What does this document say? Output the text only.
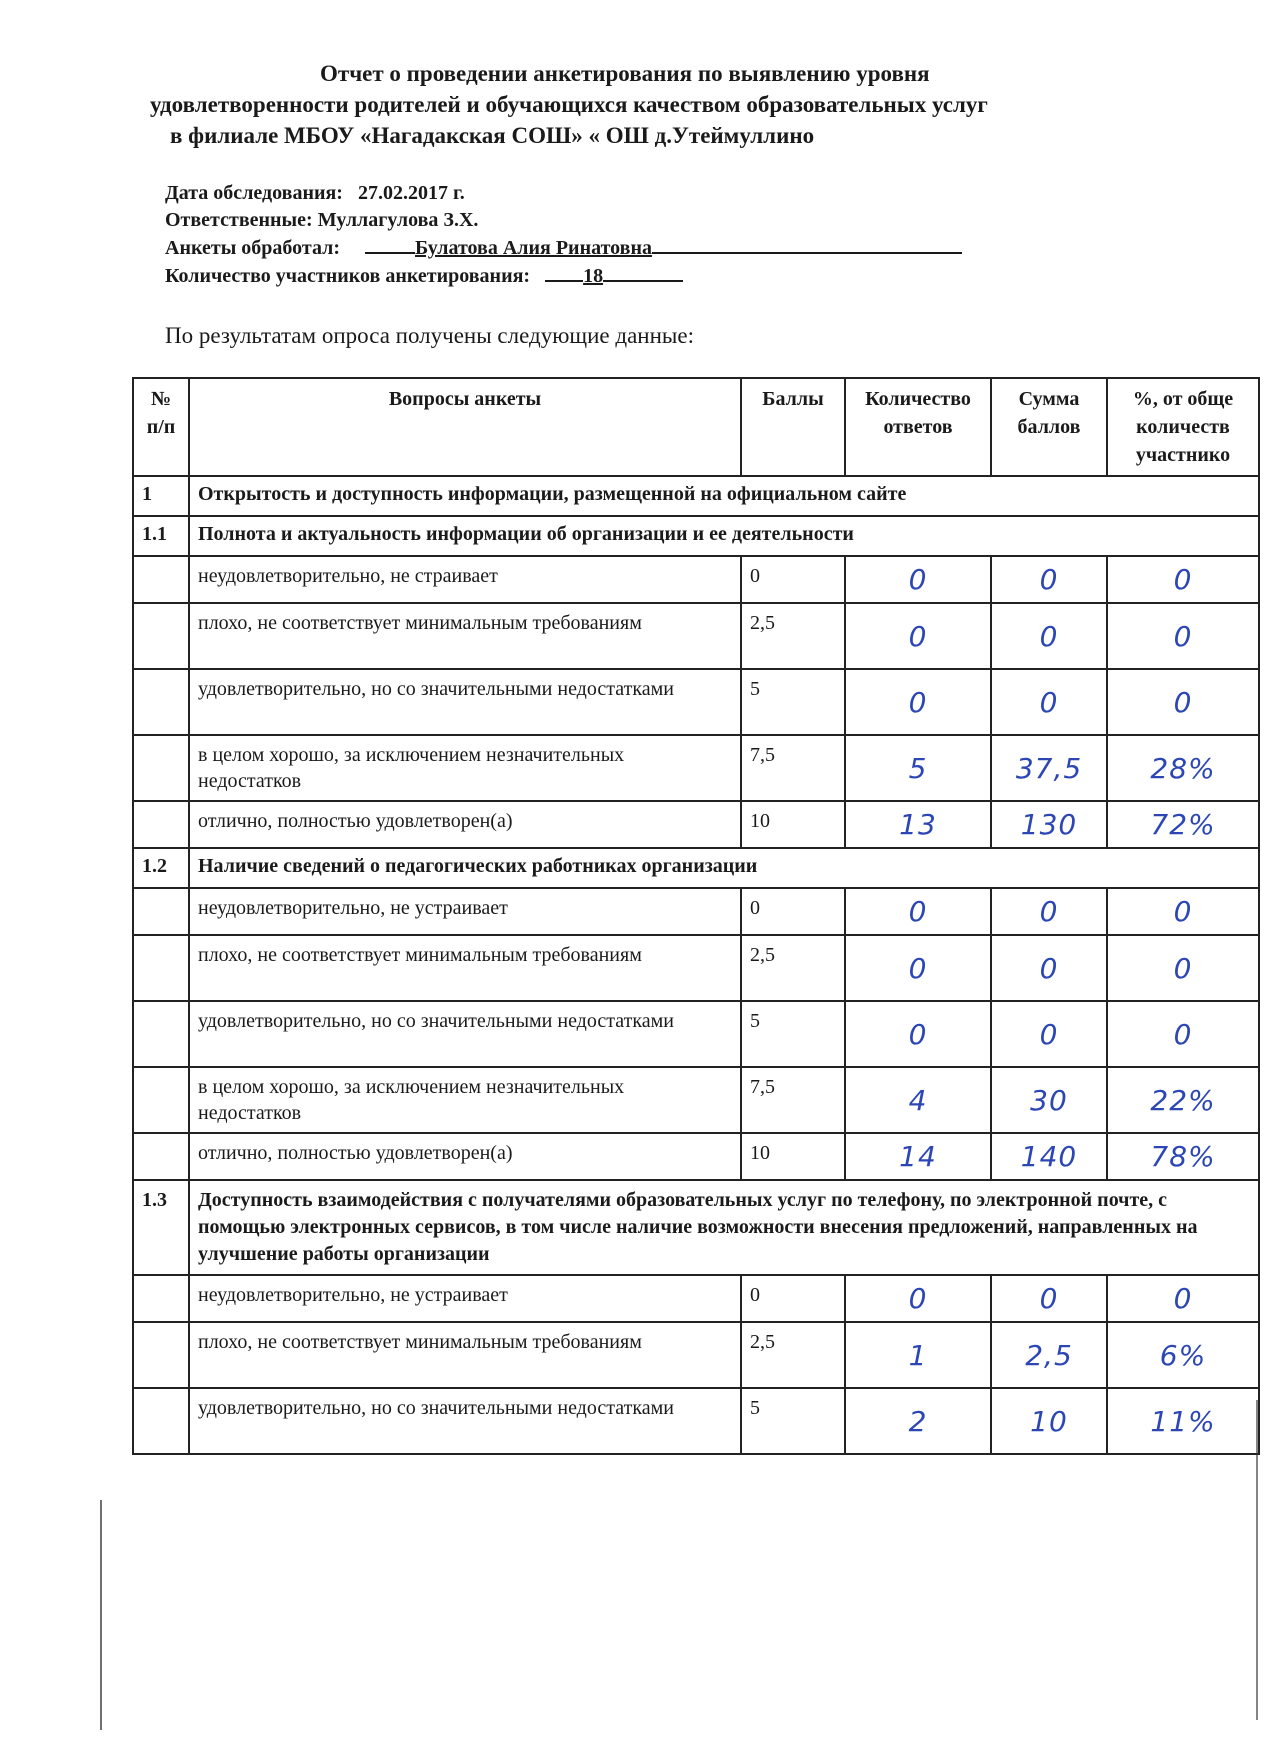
Отчет о проведении анкетирования по выявлению уровня
удовлетворенности родителей и обучающихся качеством образовательных услуг
в филиале МБОУ «Нагадакская СОШ» « ОШ д.Утеймуллино
Дата обследования: 27.02.2017 г.
Ответственные: Муллагулова З.Х.
Анкеты обработал:	Булатова Алия Ринатовна
Количество участников анкетирования:	18
По результатам опроса получены следующие данные:
№ п/п	Вопросы анкеты	Баллы	Количество ответов	Сумма баллов	%, от обще количеств участнико
1	Открытость и доступность информации, размещенной на официальном сайте				
1.1	Полнота и актуальность информации об организации и ее деятельности				
	неудовлетворительно, не страивает	0	0	0	0
	плохо, не соответствует минимальным требованиям	2,5	0	0	0
	удовлетворительно, но со значительными недостатками	5	0	0	0
	в целом хорошо, за исключением незначительных недостатков	7,5	5	37,5	28%
	отлично, полностью удовлетворен(а)	10	13	130	72%
1.2	Наличие сведений о педагогических работниках организации				
	неудовлетворительно, не устраивает	0	0	0	0
	плохо, не соответствует минимальным требованиям	2,5	0	0	0
	удовлетворительно, но со значительными недостатками	5	0	0	0
	в целом хорошо, за исключением незначительных недостатков	7,5	4	30	22%
	отлично, полностью удовлетворен(а)	10	14	140	78%
1.3	Доступность взаимодействия с получателями образовательных услуг по телефону, по электронной почте, с помощью электронных сервисов, в том числе наличие возможности внесения предложений, направленных на улучшение работы организации				
	неудовлетворительно, не устраивает	0	0	0	0
	плохо, не соответствует минимальным требованиям	2,5	1	2,5	6%
	удовлетворительно, но со значительными недостатками	5	2	10	11%
